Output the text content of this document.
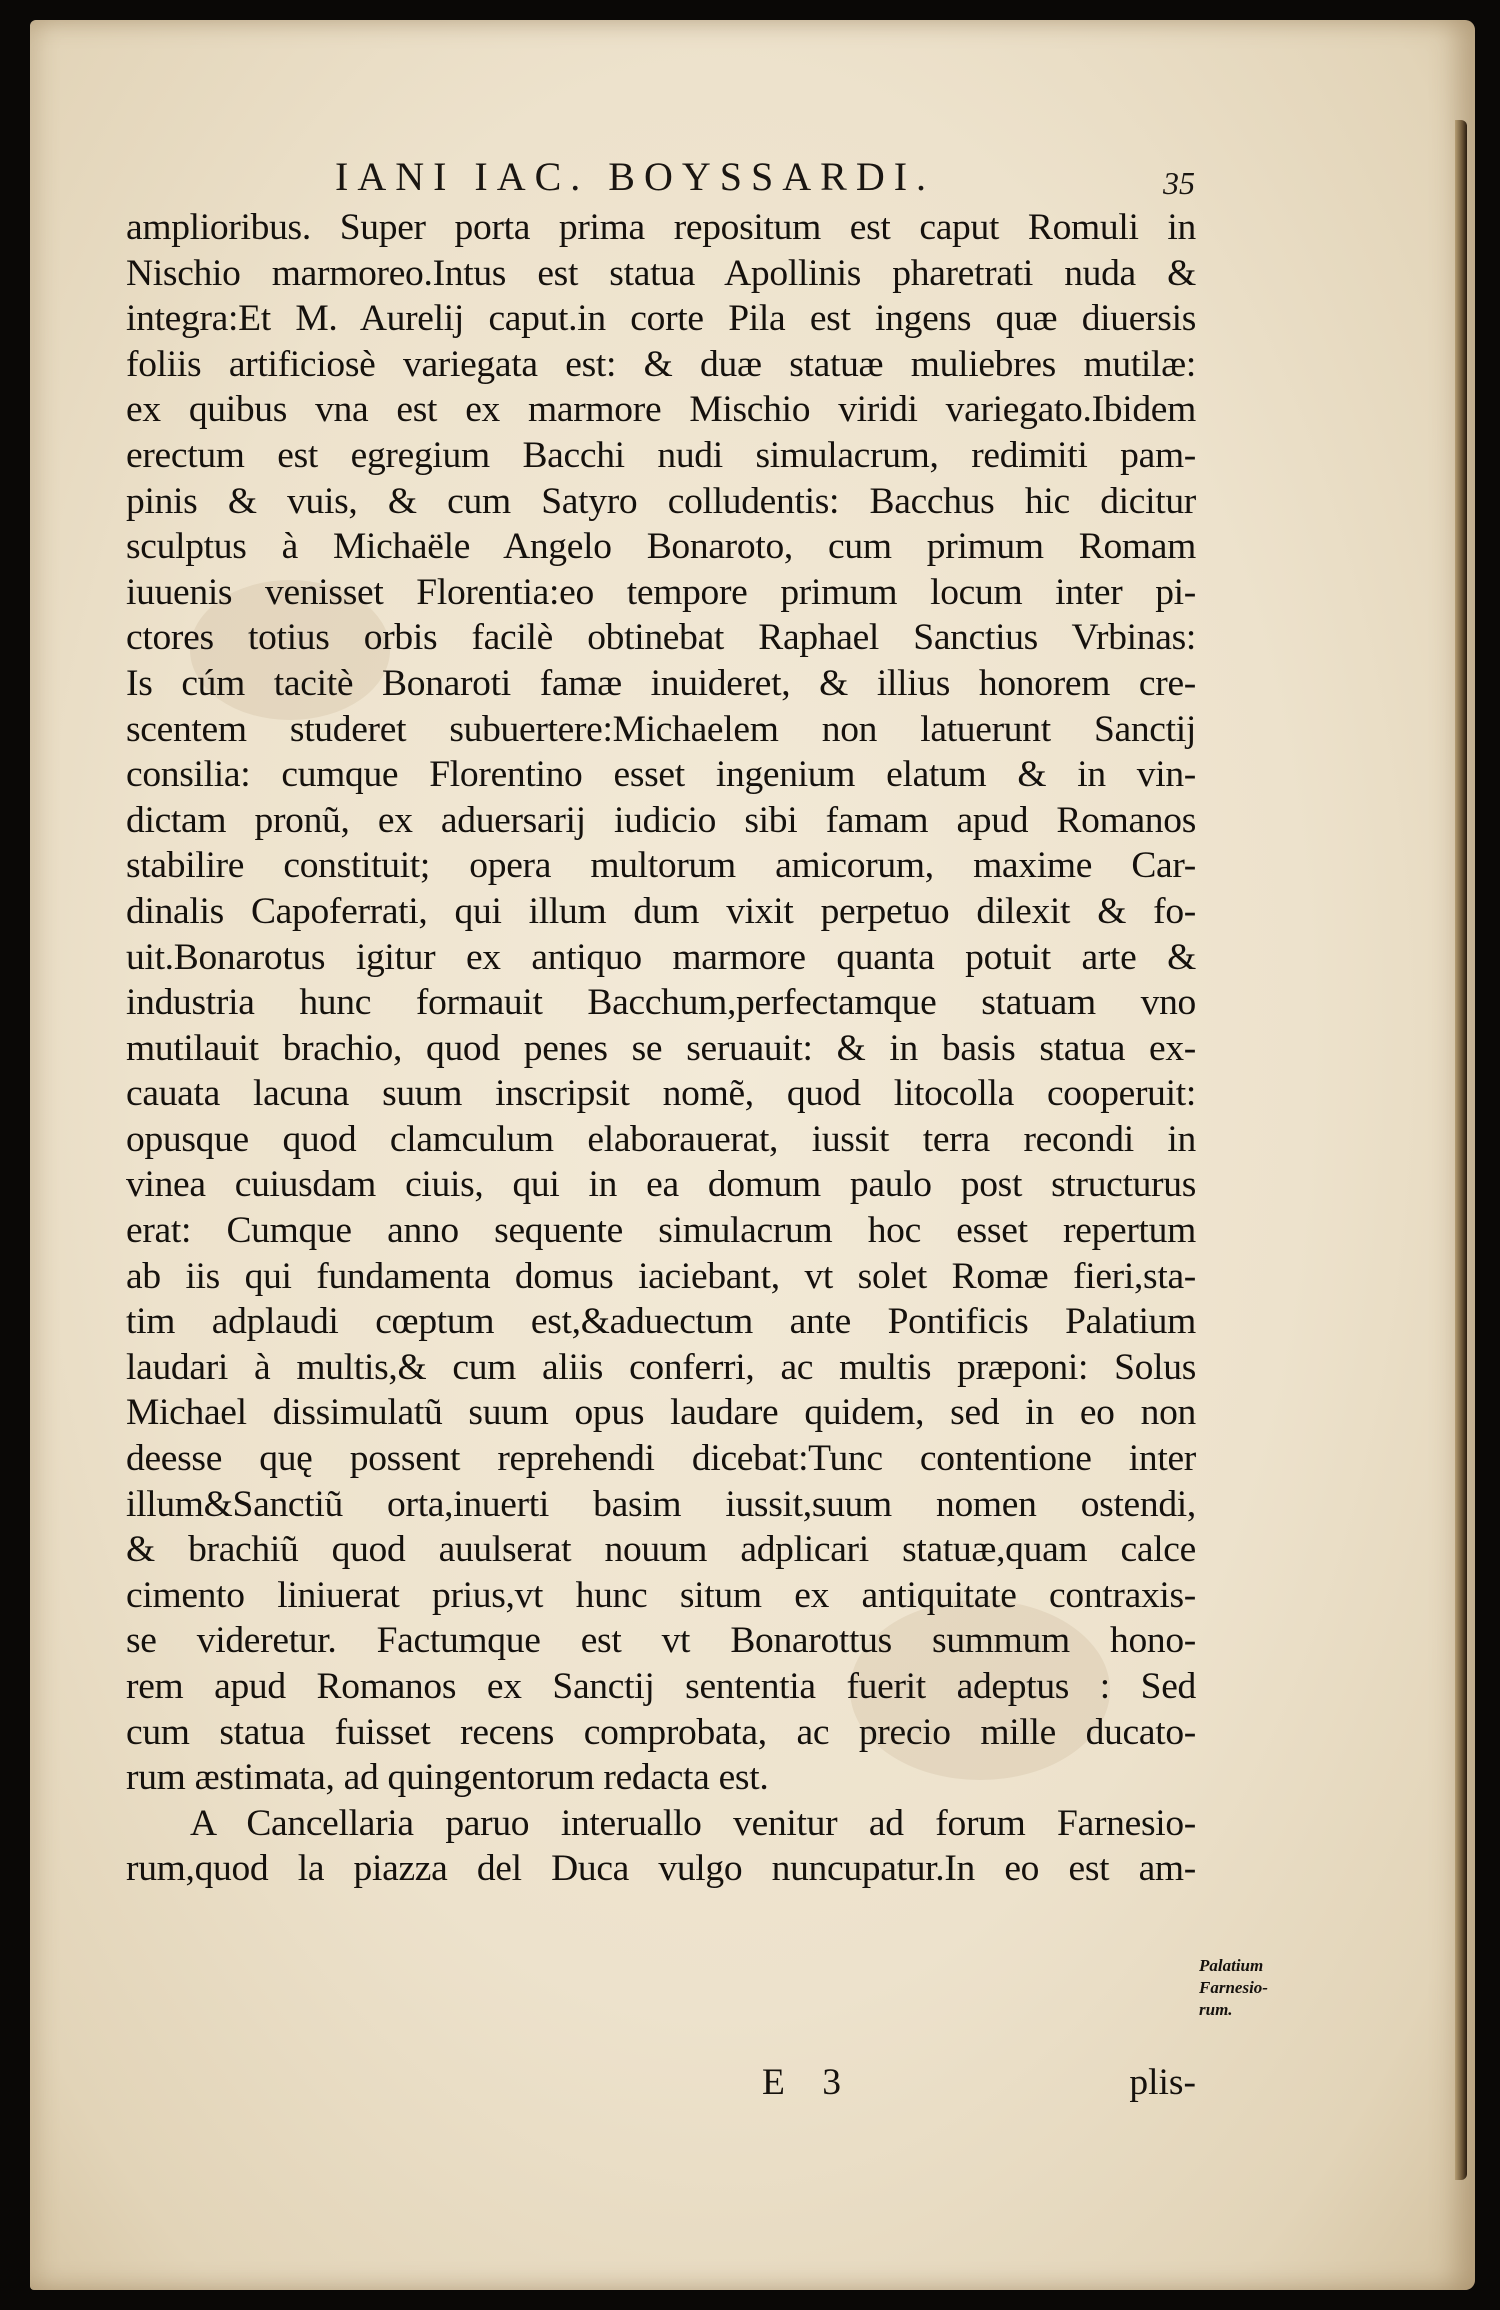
IANI IAC. BOYSSARDI.	35
amplioribus. Super porta prima repositum est caput Romuli in
Nischio marmoreo.Intus est statua Apollinis pharetrati nuda &
integra:Et M. Aurelij caput.in corte Pila est ingens quæ diuersis
foliis artificiosè variegata est: & duæ statuæ muliebres mutilæ:
ex quibus vna est ex marmore Mischio viridi variegato.Ibidem
erectum est egregium Bacchi nudi simulacrum, redimiti pam-
pinis & vuis, & cum Satyro colludentis: Bacchus hic dicitur
sculptus à Michaële Angelo Bonaroto, cum primum Romam
iuuenis venisset Florentia:eo tempore primum locum inter pi-
ctores totius orbis facilè obtinebat Raphael Sanctius Vrbinas:
Is cúm tacitè Bonaroti famæ inuideret, & illius honorem cre-
scentem studeret subuertere:Michaelem non latuerunt Sanctij
consilia: cumque Florentino esset ingenium elatum & in vin-
dictam pronũ, ex aduersarij iudicio sibi famam apud Romanos
stabilire constituit; opera multorum amicorum, maxime Car-
dinalis Capoferrati, qui illum dum vixit perpetuo dilexit & fo-
uit.Bonarotus igitur ex antiquo marmore quanta potuit arte &
industria hunc formauit Bacchum,perfectamque statuam vno
mutilauit brachio, quod penes se seruauit: & in basis statua ex-
cauata lacuna suum inscripsit nomẽ, quod litocolla cooperuit:
opusque quod clamculum elaborauerat, iussit terra recondi in
vinea cuiusdam ciuis, qui in ea domum paulo post structurus
erat: Cumque anno sequente simulacrum hoc esset repertum
ab iis qui fundamenta domus iaciebant, vt solet Romæ fieri,sta-
tim adplaudi cœptum est,&aduectum ante Pontificis Palatium
laudari à multis,& cum aliis conferri, ac multis præponi: Solus
Michael dissimulatũ suum opus laudare quidem, sed in eo non
deesse quę possent reprehendi dicebat:Tunc contentione inter
illum&Sanctiũ orta,inuerti basim iussit,suum nomen ostendi,
& brachiũ quod auulserat nouum adplicari statuæ,quam calce
cimento liniuerat prius,vt hunc situm ex antiquitate contraxis-
se videretur. Factumque est vt Bonarottus summum hono-
rem apud Romanos ex Sanctij sententia fuerit adeptus : Sed
cum statua fuisset recens comprobata, ac precio mille ducato-
rum æstimata, ad quingentorum redacta est.
A Cancellaria paruo interuallo venitur ad forum Farnesio-
rum,quod la piazza del Duca vulgo nuncupatur.In eo est am-
Palatium
Farnesio-
rum.
E 3	plis-
